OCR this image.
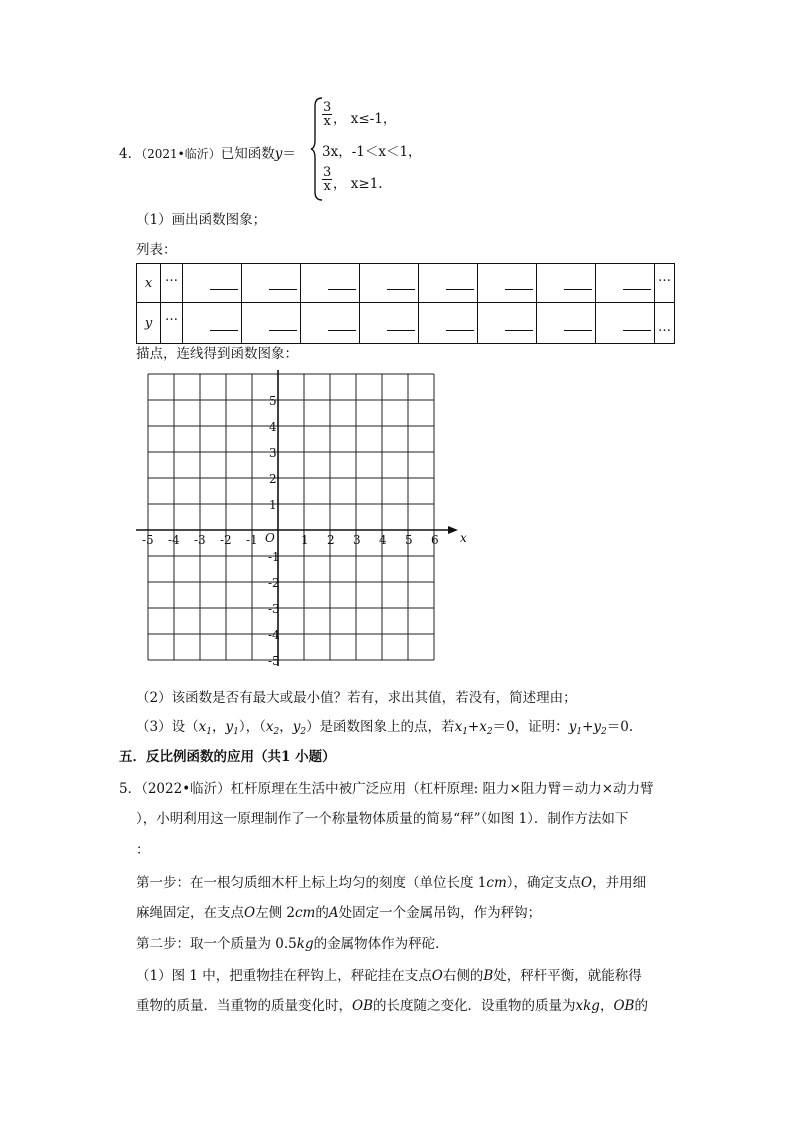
4．（2021•临沂）已知函数y＝
$\frac{3}{x}$ ， x≤-1，
3x，-1＜x＜1，
$\frac{3}{x}$ ， x≥1.
（1）画出函数图象；
列表：
x	…									…
y	…									…
描点，连线得到函数图象：
x
O
-5 -4 -3 -2 -1	1 2 3 4 5 6
5
4
3
2
1
-1
-2
-3
-4
-5
（2）该函数是否有最大或最小值？若有，求出其值，若没有，简述理由；
（3）设（$x_1$，$y_1$），（$x_2$，$y_2$）是函数图象上的点，若$x_1+x_2=0$，证明：$y_1+y_2=0$.
五．反比例函数的应用（共1 小题）
5．（2022•临沂）杠杆原理在生活中被广泛应用（杠杆原理: 阻力×阻力臂＝动力×动力臂
），小明利用这一原理制作了一个称量物体质量的简易“秤”（如图 1）．制作方法如下
：
第一步：在一根匀质细木杆上标上均匀的刻度（单位长度 1cm），确定支点O，并用细
麻绳固定，在支点O左侧 2cm的A处固定一个金属吊钩，作为秤钩；
第二步：取一个质量为 0.5kg的金属物体作为秤砣．
（1）图 1 中，把重物挂在秤钩上，秤砣挂在支点O右侧的B处，秤杆平衡，就能称得
重物的质量．当重物的质量变化时，OB的长度随之变化．设重物的质量为xkg，OB的
